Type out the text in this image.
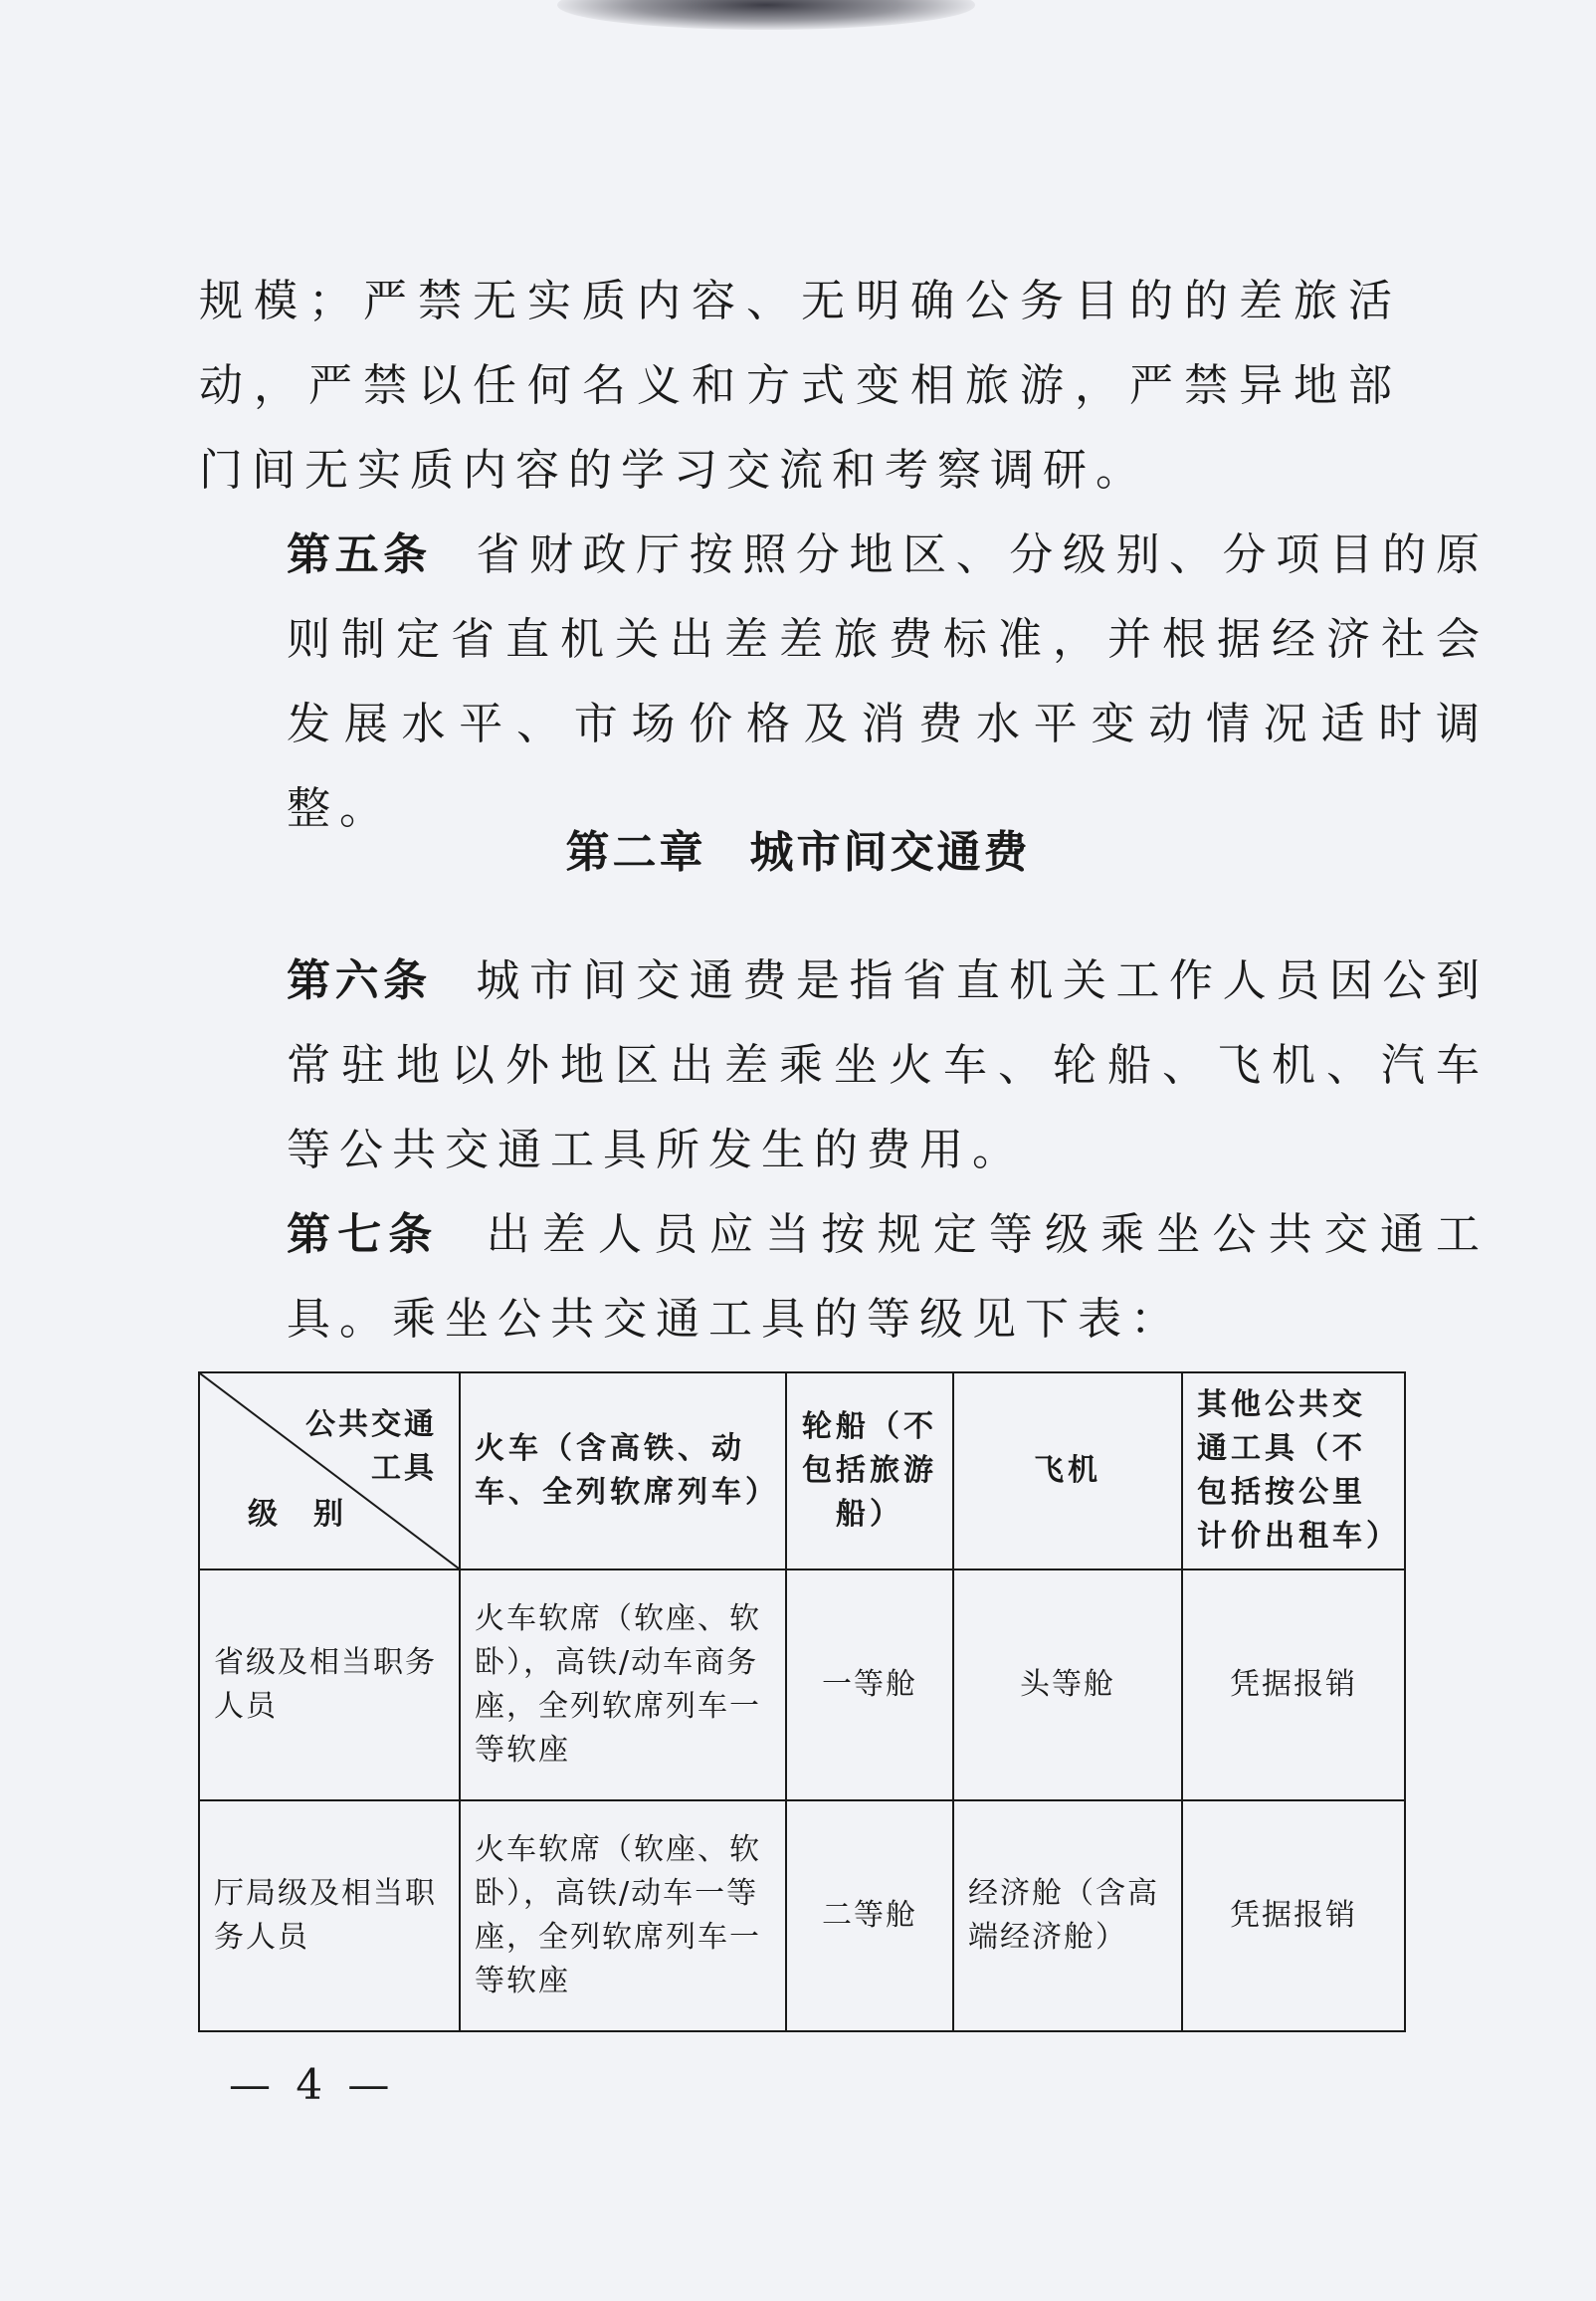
规模；严禁无实质内容、无明确公务目的的差旅活动，严禁以任何名义和方式变相旅游，严禁异地部门间无实质内容的学习交流和考察调研。

第五条 省财政厅按照分地区、分级别、分项目的原则制定省直机关出差差旅费标准，并根据经济社会发展水平、市场价格及消费水平变动情况适时调整。

第二章 城市间交通费

第六条 城市间交通费是指省直机关工作人员因公到常驻地以外地区出差乘坐火车、轮船、飞机、汽车等公共交通工具所发生的费用。

第七条 出差人员应当按规定等级乘坐公共交通工具。乘坐公共交通工具的等级见下表：

公共交通
工具
级　别	火车（含高铁、动车、全列软席列车）	轮船（不包括旅游船）	飞机	其他公共交通工具（不包括按公里计价出租车）
省级及相当职务人员	火车软席（软座、软卧），高铁/动车商务座，全列软席列车一等软座	一等舱	头等舱	凭据报销
厅局级及相当职务人员	火车软席（软座、软卧），高铁/动车一等座，全列软席列车一等软座	二等舱	经济舱（含高端经济舱）	凭据报销
— 4 —
